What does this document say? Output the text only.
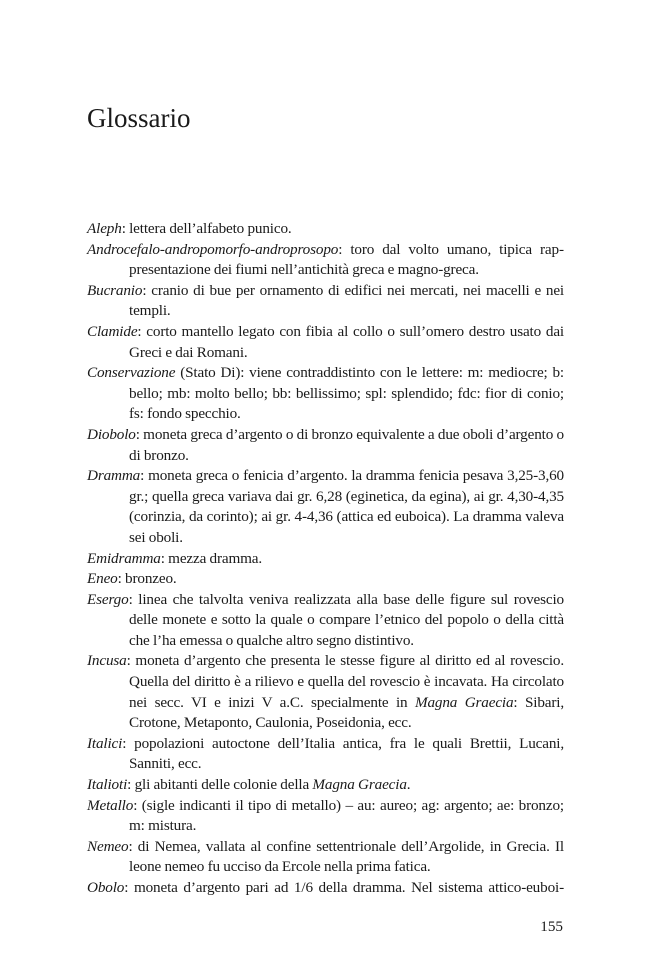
Glossario

Aleph: lettera dell’alfabeto punico.

Androcefalo-andropomorfo-androprosopo: toro dal volto umano, tipica rappresentazione dei fiumi nell’antichità greca e magno-greca.

Bucranio: cranio di bue per ornamento di edifici nei mercati, nei macelli e nei templi.

Clamide: corto mantello legato con fibia al collo o sull’omero destro usato dai Greci e dai Romani.

Conservazione (Stato Di): viene contraddistinto con le lettere: m: mediocre; b: bello; mb: molto bello; bb: bellissimo; spl: splendido; fdc: fior di conio; fs: fondo specchio.

Diobolo: moneta greca d’argento o di bronzo equivalente a due oboli d’argento o di bronzo.

Dramma: moneta greca o fenicia d’argento. la dramma fenicia pesava 3,25-3,60 gr.; quella greca variava dai gr. 6,28 (eginetica, da egina), ai gr. 4,30-4,35 (corinzia, da corinto); ai gr. 4-4,36 (attica ed euboica). La dramma valeva sei oboli.

Emidramma: mezza dramma.

Eneo: bronzeo.

Esergo: linea che talvolta veniva realizzata alla base delle figure sul rovescio delle monete e sotto la quale o compare l’etnico del popolo o della città che l’ha emessa o qualche altro segno distintivo.

Incusa: moneta d’argento che presenta le stesse figure al diritto ed al rovescio. Quella del diritto è a rilievo e quella del rovescio è incavata. Ha circolato nei secc. VI e inizi V a.C. specialmente in Magna Graecia: Sibari, Crotone, Metaponto, Caulonia, Poseidonia, ecc.

Italici: popolazioni autoctone dell’Italia antica, fra le quali Brettii, Lucani, Sanniti, ecc.

Italioti: gli abitanti delle colonie della Magna Graecia.

Metallo: (sigle indicanti il tipo di metallo) – au: aureo; ag: argento; ae: bronzo; m: mistura.

Nemeo: di Nemea, vallata al confine settentrionale dell’Argolide, in Grecia. Il leone nemeo fu ucciso da Ercole nella prima fatica.

Obolo: moneta d’argento pari ad 1/6 della dramma. Nel sistema attico-euboi-

155
